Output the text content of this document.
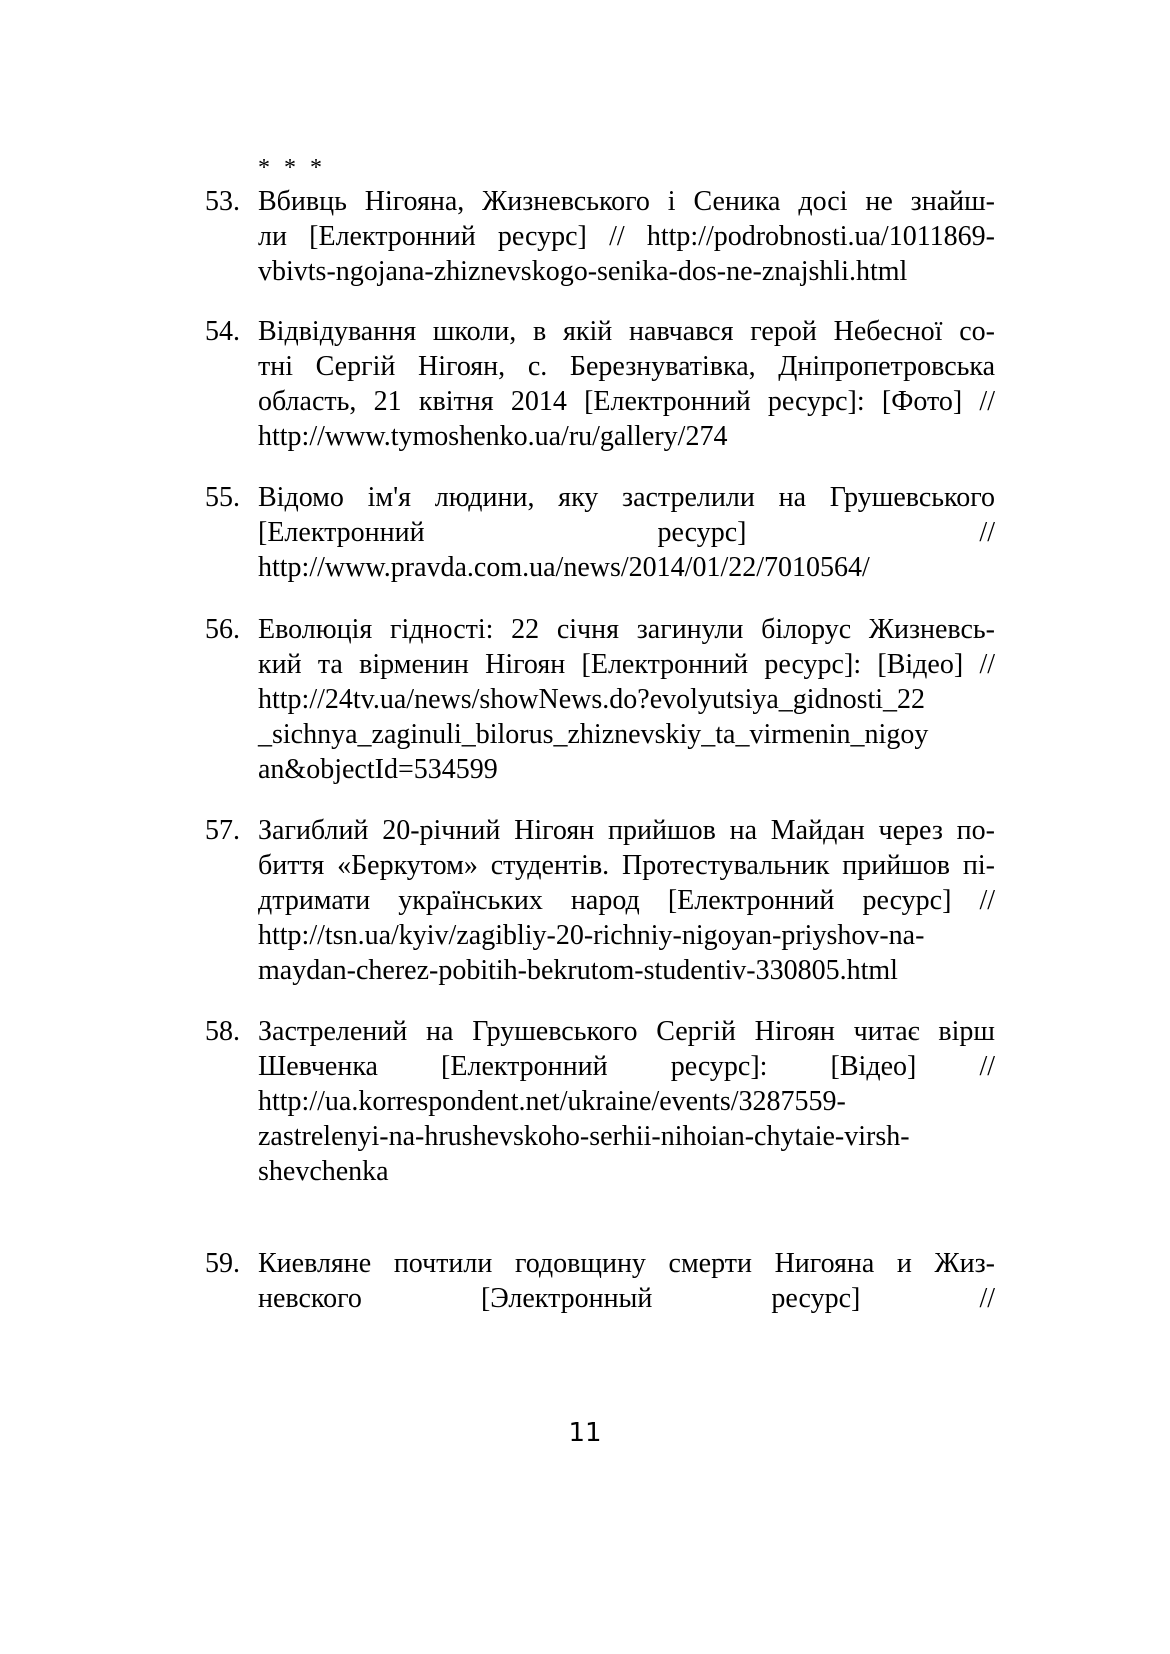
* * *
53. Вбивць Нігояна, Жизневського і Сеника досі не знайш-
ли [Електронний ресурс] // http://podrobnosti.ua/1011869-
vbivts-ngojana-zhiznevskogo-senika-dos-ne-znajshli.html
54. Відвідування школи, в якій навчався герой Небесної со-
тні Сергій Нігоян, с. Березнуватівка, Дніпропетровська
область, 21 квітня 2014 [Електронний ресурс]: [Фото] //
http://www.tymoshenko.ua/ru/gallery/274
55. Відомо ім'я людини, яку застрелили на Грушевського
[Електронний ресурс] //
http://www.pravda.com.ua/news/2014/01/22/7010564/
56. Еволюція гідності: 22 січня загинули білорус Жизневсь-
кий та вірменин Нігоян [Електронний ресурс]: [Відео] //
http://24tv.ua/news/showNews.do?evolyutsiya_gidnosti_22
_sichnya_zaginuli_bilorus_zhiznevskiy_ta_virmenin_nigoy
an&objectId=534599
57. Загиблий 20-річний Нігоян прийшов на Майдан через по-
биття «Беркутом» студентів. Протестувальник прийшов пі-
дтримати українських народ [Електронний ресурс] //
http://tsn.ua/kyiv/zagibliy-20-richniy-nigoyan-priyshov-na-
maydan-cherez-pobitih-bekrutom-studentiv-330805.html
58. Застрелений на Грушевського Сергій Нігоян читає вірш
Шевченка [Електронний ресурс]: [Відео] //
http://ua.korrespondent.net/ukraine/events/3287559-
zastrelenyi-na-hrushevskoho-serhii-nihoian-chytaie-virsh-
shevchenka
59. Киевляне почтили годовщину смерти Нигояна и Жиз-
невского [Электронный ресурс] //
11
